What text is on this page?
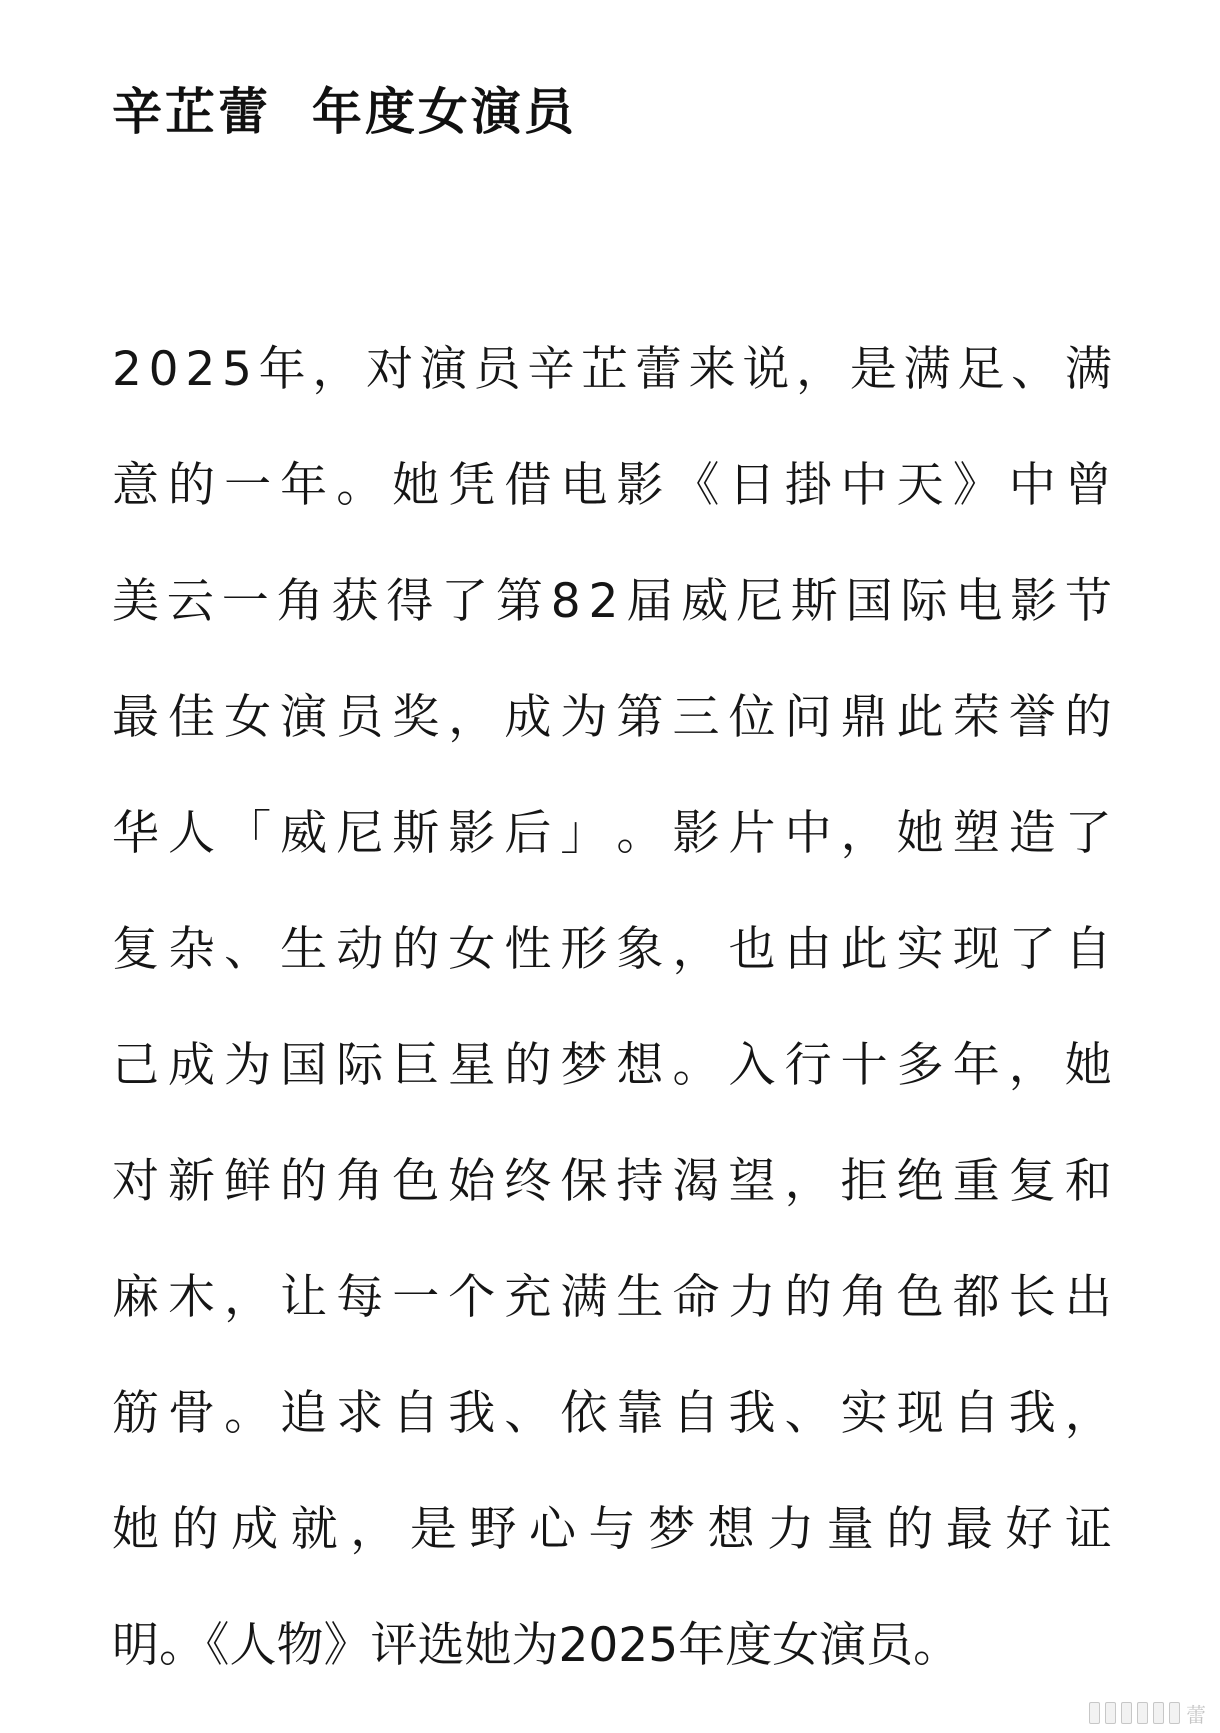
辛芷蕾  年度女演员
2 0 2 5 年 ， 对 演 员 辛 芷 蕾 来 说 ， 是 满 足 、 满
意 的 一 年 。 她 凭 借 电 影 《 日 掛 中 天 》 中 曾
美 云 一 角 获 得 了 第 8 2 届 威 尼 斯 国 际 电 影 节
最 佳 女 演 员 奖 ， 成 为 第 三 位 问 鼎 此 荣 誉 的
华 人 「 威 尼 斯 影 后 」 。 影 片 中 ， 她 塑 造 了
复 杂 、 生 动 的 女 性 形 象 ， 也 由 此 实 现 了 自
己 成 为 国 际 巨 星 的 梦 想 。 入 行 十 多 年 ， 她
对 新 鲜 的 角 色 始 终 保 持 渴 望 ， 拒 绝 重 复 和
麻 木 ， 让 每 一 个 充 满 生 命 力 的 角 色 都 长 出
筋 骨 。 追 求 自 我 、 依 靠 自 我 、 实 现 自 我 ，
她 的 成 就 ， 是 野 心 与 梦 想 力 量 的 最 好 证
明。《人物》评选她为2025年度女演员。
蕾
